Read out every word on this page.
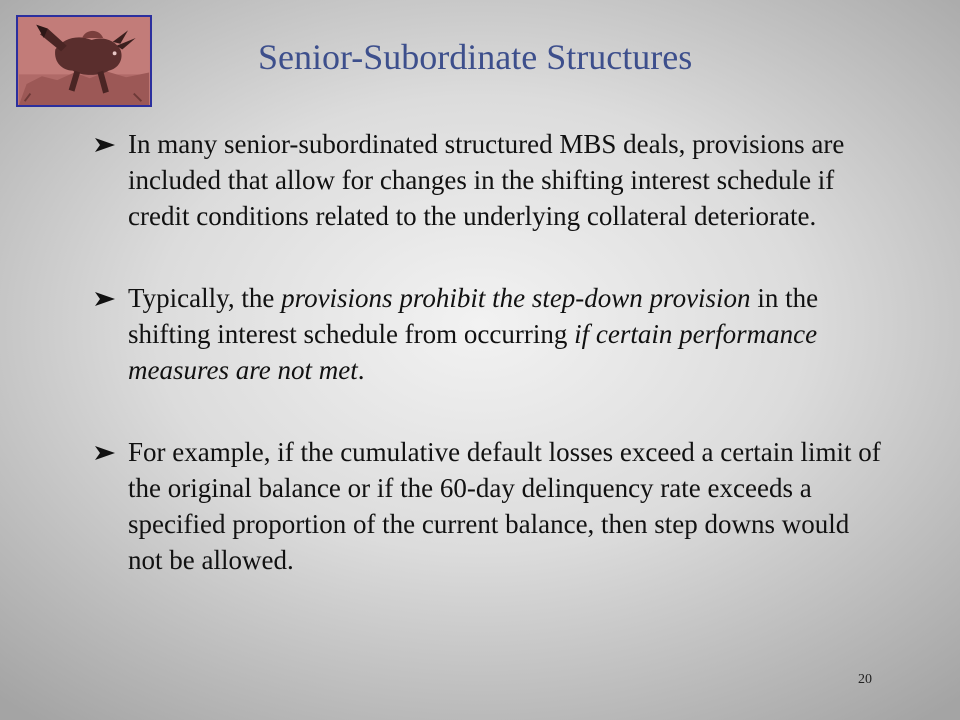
Senior-Subordinate Structures
In many senior-subordinated structured MBS deals, provisions are included that allow for changes in the shifting interest schedule if credit conditions related to the underlying collateral deteriorate.
Typically, the provisions prohibit the step-down provision in the shifting interest schedule from occurring if certain performance measures are not met.
For example, if the cumulative default losses exceed a certain limit of the original balance or if the 60-day delinquency rate exceeds a specified proportion of the current balance, then step downs would not be allowed.
20
